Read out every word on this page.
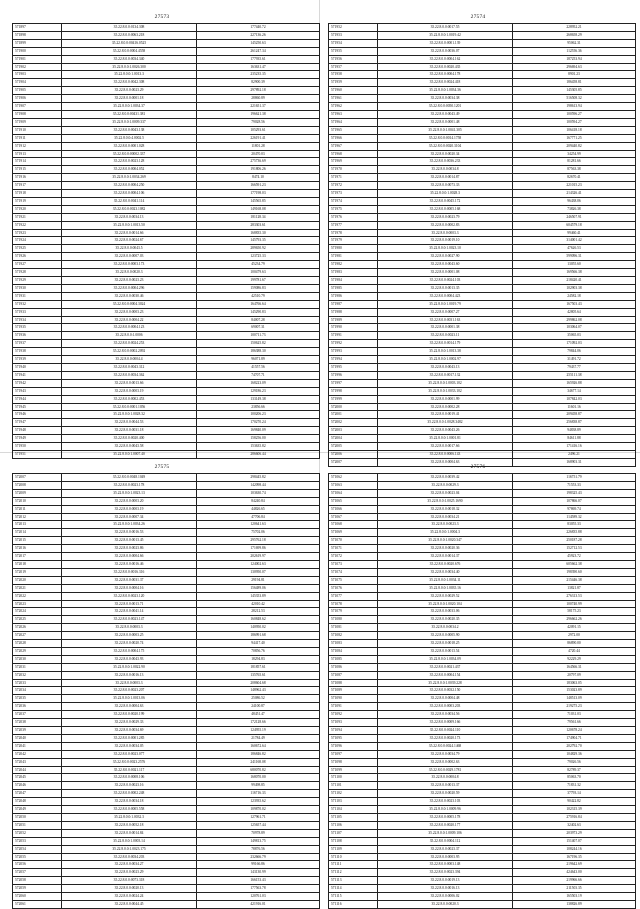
27573
571897	35.22.8.0.0:0134.308	177440.72
571898	35.22.8.0.0:0063.218	227136.26
571899	35.22.8.0.0:00416.0525	145250.63
571900	35.22.8.0.0:0004.4558	261247.34
571901	35.22.8.0.0:0034.340	177935.61
571902	35.22.8.0.0:1.0026.300	163631.47
571903	35.22.8.0.0:1.0013.3	235235.35
571904	35.22.8.0.0:0042.308	82900.39
571905	35.22.8.0.0:0023.29	297892.18
571906	35.22.8.0.0:0001.18	28860.89
571907	35.22.8.0.0:1.0034.37	221651.37
571908	35.22.8.0.0:00431.381	196621.38
571909	35.22.8.0.0:1.0009.337	79028.56
571910	35.22.8.0.0:0043.138	105293.61
571911	35.22.8.0.0:4.0002.5	226191.41
571912	35.22.8.0.0:0001.028	11801.28
571913	35.22.8.0.0:00002.337	20470.03
571914	35.22.8.0.0:0023.128	275736.69
571915	35.22.8.0.0:0004.052	191806.26
571916	35.22.8.0.0:1.0034.269	8474.10
571917	35.22.8.0.0:0004.250	166591.23
571918	35.22.8.0.0:0004.106	177198.03
571919	35.22.8.0.0:0041.114	145565.85
571920	35.22.8.0.0:0023.1082	149168.08
571921	35.22.8.0.0:0034.13	181128.34
571922	35.22.8.0.0:1.0013.50	283303.61
571923	35.22.8.0.0:0014.66	168835.30
571924	35.22.8.0.0:0024.67	145793.35
571925	35.22.8.0.0:0043.5	289650.92
571926	35.22.8.0.0:0007.03	123725.33
571927	35.22.8.0.0:0003.173	45234.79
571928	35.22.8.0.0:0020.3	100479.63
571929	35.22.8.0.0:0023.23	199781.67
571930	35.22.8.0.0:0004.296	159086.83
571931	35.22.8.0.0:0030.46	42510.79
571932	35.22.8.0.0:0004.3024	164766.64
571933	35.22.8.0.0:0003.23	145290.83
571934	35.22.8.0.0:0004.22	84007.28
571935	35.22.8.0.0:0004.123	69007.31
571936	35.22.8.0.0:1.0006	100711.73
571937	35.22.8.0.0:0024.253	150625.82
571938	35.22.8.0.0:0002.2092	186388.30
571939	35.22.8.0.0:0004.4	96071.89
571940	35.22.8.0.0:0043.312	41557.56
571941	35.22.8.0.0:0034.362	74707.71
571942	35.22.8.0.0:0013.66	168223.09
571943	35.22.8.0.0:0003.19	129186.23
571944	35.22.8.0.0:0002.453	133149.38
571945	35.22.8.0.0:0001.1056	23856.66
571946	35.22.8.0.0:1.0028.32	100206.23
571947	35.22.8.0.0:0044.53	170270.24
571948	35.22.8.0.0:0031.18	169840.09
571949	35.22.8.0.0:0020.400	158256.00
571950	35.22.8.0.0:0043.58	153635.82
571951	35.22.8.0.0:1.0007.40	286606.44
27574
571952	35.22.8.0.0:0017.55	228952.21
571953	35.22.8.0.0:1.0019.42	268658.29
571954	35.22.8.0.0:0001.139	95062.31
571955	35.22.8.0.0:0036.07	112556.36
571956	35.22.8.0.0:0004.162	187253.94
571957	35.22.8.0.0:0020.435	296694.63
571958	35.22.8.0.0:0004.178	8901.23
571959	35.22.8.0.0:0024.418	186458.81
571960	35.22.8.0.0:1.0034.36	145305.85
571961	35.22.8.0.0:0034.38	516508.32
571962	35.22.8.0.0:0050.1201	198613.94
571963	35.22.8.0.0:0043.49	100596.27
571964	35.22.8.0.0:0001.48	100594.27
571965	35.22.8.0.0:1.0041.305	106418.18
571966	35.22.8.0.0:0014.1758	167771.25
571967	35.22.8.0.0:0020.3104	209440.82
571968	35.22.8.0.0:0020.34	34254.99
571969	35.22.8.0.0:0036.233	81281.66
571970	35.22.8.0.0:0034.8	87563.38
571971	35.22.8.0.0:0014.87	82670.41
571972	35.22.8.0.0:0073.33	221015.23
571973	35.22.8.0.0:1.0028.3	214326.41
571974	35.22.8.0.0:0045.172	96438.06
571975	35.22.8.0.0:0005.168	73826.38
571976	35.22.8.0.0:0023.79	246507.91
571977	35.22.8.0.0:0002.83	604579.18
571978	35.22.8.0.0:0003.3	99460.41
571979	35.22.8.0.0:0019.10	314001.42
571980	35.22.8.0.0:1.0023.10	47626.53
571981	35.22.8.0.0:0027.90	599096.31
571982	35.22.8.0.0:0043.60	13055.60
571983	35.22.8.0.0:0001.08	169566.38
571984	35.22.8.0.0:0024.103	218420.41
571985	35.22.8.0.0:0013.35	102903.38
571986	35.22.8.0.0:0004.423	24582.18
571987	35.22.8.0.0:1.0019.79	167503.43
571988	35.22.8.0.0:0007.27	42805.64
571989	35.22.8.0.0:0031.163	299862.08
571990	35.22.8.0.0:0001.38	103064.07
571991	35.22.8.0.0:0023.11	35065.03
571992	35.22.8.0.0:0014.179	171092.03
571993	35.22.8.0.0:1.0013.38	79844.06
571994	35.22.8.0.0:1.0002.97	31491.72
571995	35.22.8.0.0:0043.13	79437.77
571996	35.22.8.0.0:0017.132	255111.38
571997	35.22.8.0.0:1.0003.102	165926.88
571998	35.22.8.0.0:1.0033.102	34677.14
571999	35.22.8.0.0:0001.99	107842.03
572000	35.22.8.0.0:0002.28	11601.16
572001	35.22.8.0.0:0019.41	209458.87
572002	35.22.8.0.0:1.0028.3482	256838.87
572003	35.22.8.0.0:0043.26	94838.89
572004	35.22.8.0.0:1.0001.81	84611.88
572005	35.22.8.0.0:0017.66	171416.16
572006	35.22.8.0.0:0006.143	2496.21
572007	35.22.8.0.0:0004.63	168903.31
27575
572007	35.22.8.0.0:0048.1049	298445.82
572008	35.22.8.0.0:0023.178	142098.44
572009	35.22.8.0.0:1.0023.13	103630.74
572010	35.22.8.0.0:0003.20	84240.84
572011	35.22.8.0.0:0003.19	44826.65
572012	35.22.8.0.0:0007.34	47706.84
572013	35.22.8.0.0:1.0034.26	120641.63
572014	35.22.8.0.0:0016.53	75702.06
572015	35.22.8.0.0:0013.45	295762.18
572016	35.22.8.0.0:0023.86	171699.86
572017	35.22.8.0.0:0004.66	202619.97
572018	35.22.8.0.0:0016.46	124002.63
572019	35.22.8.0.0:0016.316	130950.07
572020	35.22.8.0.0:0031.37	29194.81
572021	35.22.8.0.0:0004.16	156489.06
572022	35.22.8.0.0:0023.120	145353.89
572023	35.22.8.0.0:0013.71	42010.42
572024	35.22.8.0.0:0041.14	28212.53
572025	35.22.8.0.0:0023.147	160848.62
572026	35.22.8.0.0:0003.3	140950.02
572027	35.22.8.0.0:0003.25	186991.68
572028	35.22.8.0.0:0020.74	94417.40
572029	35.22.8.0.0:0004.175	70856.76
572030	35.22.8.0.0:0043.93	18294.83
572031	35.22.8.0.0:1.0022.90	181857.61
572032	35.22.8.0.0:0016.13	135765.61
572033	35.22.8.0.0:0003.3	208604.68
572034	35.22.8.0.0:0023.207	148962.43
572035	35.22.8.0.0:1.0013.06	25086.52
572036	35.22.8.0.0:0004.63	24100.87
572037	35.22.8.0.0:0020.199	48451.47
572038	35.22.8.0.0:0029.33	172128.66
572039	35.22.8.0.0:0034.69	124955.19
572040	35.22.8.0.0:0001.285	21784.49
572041	35.22.8.0.0:0034.05	160672.64
572042	35.22.8.0.0:0023.077	186846.82
572043	35.22.8.0.0:0023.2576	241168.08
572044	35.22.8.0.0:0021.117	680070.82
572045	35.22.8.0.0:0008.106	168070.00
572046	35.22.8.0.0:0023.16	99498.85
572047	35.22.8.0.0:0002.248	116716.33
572048	35.22.8.0.0:0034.18	123935.62
572049	35.22.8.0.0:0005.558	109870.02
572050	35.22.8.0.0:1.0032.3	127961.71
572051	35.22.8.0.0:0052.18	125657.44
572052	35.22.8.0.0:0014.84	70978.89
572053	35.22.8.0.0:1.0003.14	149813.75
572054	35.22.8.0.0:1.0023.175	78876.56
572055	35.22.8.0.0:0034.203	232666.79
572056	35.22.8.0.0:0034.27	99166.86
572057	35.22.8.0.0:0023.29	143130.99
572058	35.22.8.0.0:0073.318	166153.43
572059	35.22.8.0.0:0020.13	177563.78
572060	35.22.8.0.0:0024.24	120761.03
572061	35.22.8.0.0:0044.45	421916.01
27576
571062	35.22.8.0.0:0039.42	116751.79
571063	35.22.8.0.0:0029.3	71553.33
571064	35.22.8.0.0:0023.04	198325.43
571065	35.22.8.0.0:1.0025.1690	107866.07
571066	35.22.8.0.0:0018.32	97869.74
571067	35.22.8.0.0:0034.21	114589.32
571068	35.22.8.0.0:0023.3	83055.33
571069	35.22.8.0.0:1.0004.3	226835.88
571070	35.22.8.0.0:1.0020.347	250187.28
571071	35.22.8.0.0:0020.36	152712.53
571072	35.22.8.0.0:0014.37	45923.72
571073	35.22.8.0.0:0020.676	605662.38
571074	35.22.8.0.0:0034.40	198390.60
571075	35.22.8.0.0:1.0034.11	215446.38
571076	35.22.8.0.0:1.0035.16	13821.87
571077	35.22.8.0.0:0029.52	276313.53
571078	35.22.8.0.0:1.0020.104	100740.99
571079	35.22.8.0.0:0033.06	58175.23
571080	35.22.8.0.0:0020.35	296662.26
571081	35.22.8.0.0:0034.2	42091.15
571082	35.22.8.0.0:0005.90	2972.00
571083	35.22.8.0.0:0018.25	86890.00
571084	35.22.8.0.0:0013.54	4720.44
571085	35.22.8.0.0:1.0034.09	92229.29
571086	35.22.8.0.0:0021.437	164566.31
571087	35.22.8.0.0:0004.154	20797.09
571088	35.22.8.0.0:1.0039.228	183063.05
571089	35.22.8.0.0:0032.150	153023.89
571090	35.22.8.0.0:0004.48	148513.09
571091	35.22.8.0.0:0003.203	219275.23
571092	35.22.8.0.0:0034.56	71031.03
571093	35.22.8.0.0:0009.166	79561.66
571094	35.22.8.0.0:0024.110	120678.24
571095	35.22.8.0.0:0020.173	174904.71
571096	35.22.8.0.0:0024.1468	202792.70
571097	35.22.8.0.0:0034.79	104829.36
571098	35.22.8.0.0:0002.63	79026.56
571099	35.22.8.0.0:0029.1781	82789.37
571100	35.22.8.0.0:0004.8	85063.70
571101	35.22.8.0.0:0013.37	71831.32
571102	35.22.8.0.0:0020.59	37793.14
571103	35.22.8.0.0:0023.103	90422.82
571104	35.22.8.0.0:1.0009.96	102315.39
571105	35.22.8.0.0:0005.178	275916.84
571106	35.22.8.0.0:0020.177	32402.63
571107	35.22.8.0.0:1.0009.106	203973.29
571108	35.22.8.0.0:0004.112	151407.07
571109	35.22.8.0.0:0023.37	108244.16
571110	35.22.8.0.0:0003.95	167196.35
571111	35.22.8.0.0:0003.148	219642.69
571112	35.22.8.0.0:0023.394	424643.00
571113	35.22.8.0.0:0019.13	219966.66
571114	35.22.8.0.0:0016.13	211503.35
571115	35.22.8.0.0:0006.02	165503.19
571116	35.22.8.0.0:0020.3	138826.89
